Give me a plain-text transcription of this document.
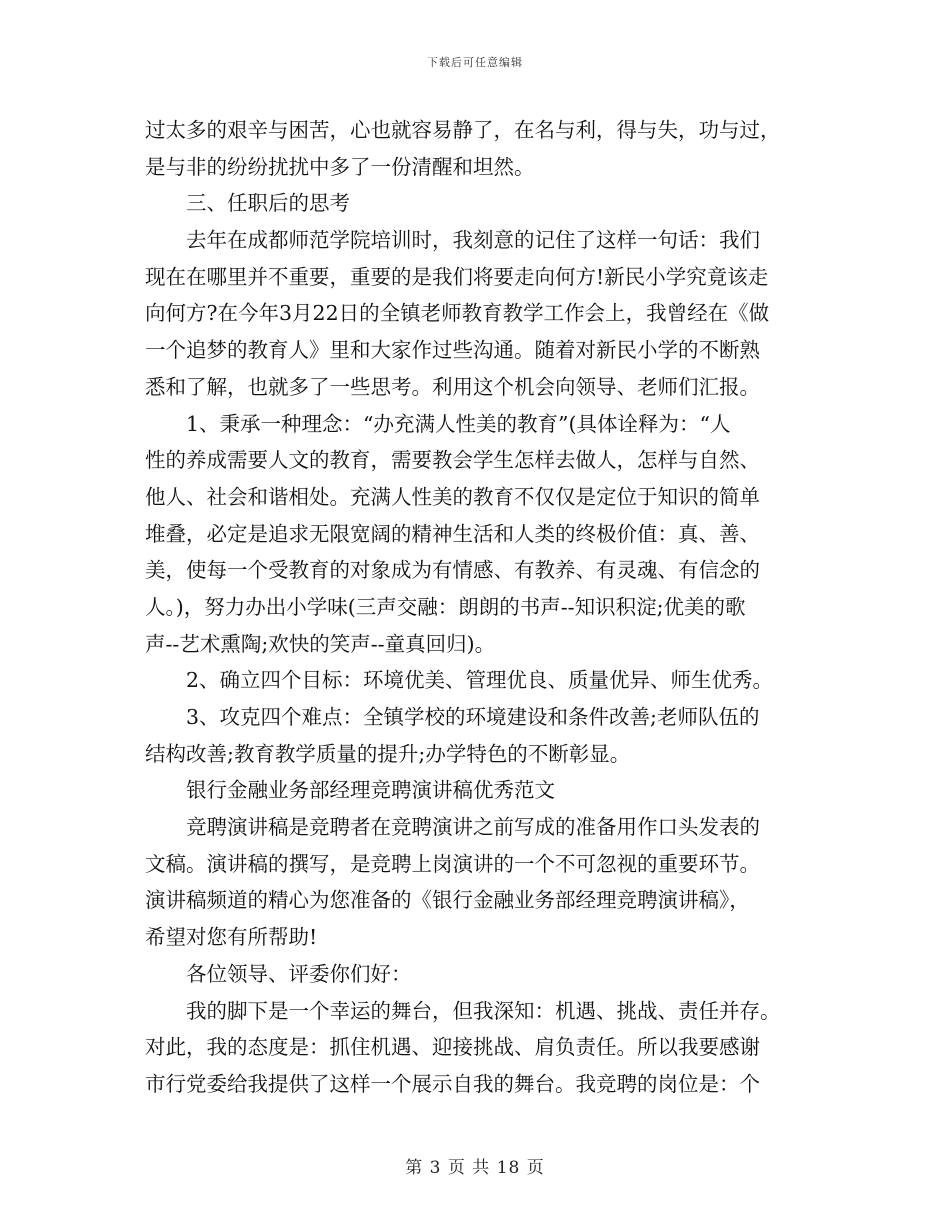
下载后可任意编辑

过太多的艰辛与困苦，心也就容易静了，在名与利，得与失，功与过，

是与非的纷纷扰扰中多了一份清醒和坦然。

　　三、任职后的思考

　　去年在成都师范学院培训时，我刻意的记住了这样一句话：我们

现在在哪里并不重要，重要的是我们将要走向何方!新民小学究竟该走

向何方?在今年3月22日的全镇老师教育教学工作会上，我曾经在《做

一个追梦的教育人》里和大家作过些沟通。随着对新民小学的不断熟

悉和了解，也就多了一些思考。利用这个机会向领导、老师们汇报。

　　1、秉承一种理念：“办充满人性美的教育”(具体诠释为：“人

性的养成需要人文的教育，需要教会学生怎样去做人，怎样与自然、

他人、社会和谐相处。充满人性美的教育不仅仅是定位于知识的简单

堆叠，必定是追求无限宽阔的精神生活和人类的终极价值：真、善、

美，使每一个受教育的对象成为有情感、有教养、有灵魂、有信念的

人。)，努力办出小学味(三声交融：朗朗的书声--知识积淀;优美的歌

声--艺术熏陶;欢快的笑声--童真回归)。

　　2、确立四个目标：环境优美、管理优良、质量优异、师生优秀。

　　3、攻克四个难点：全镇学校的环境建设和条件改善;老师队伍的

结构改善;教育教学质量的提升;办学特色的不断彰显。

　　银行金融业务部经理竞聘演讲稿优秀范文

　　竞聘演讲稿是竞聘者在竞聘演讲之前写成的准备用作口头发表的

文稿。演讲稿的撰写，是竞聘上岗演讲的一个不可忽视的重要环节。

演讲稿频道的精心为您准备的《银行金融业务部经理竞聘演讲稿》，

希望对您有所帮助!

　　各位领导、评委你们好：

　　我的脚下是一个幸运的舞台，但我深知：机遇、挑战、责任并存。

对此，我的态度是：抓住机遇、迎接挑战、肩负责任。所以我要感谢

市行党委给我提供了这样一个展示自我的舞台。我竞聘的岗位是：个

第 3 页 共 18 页
